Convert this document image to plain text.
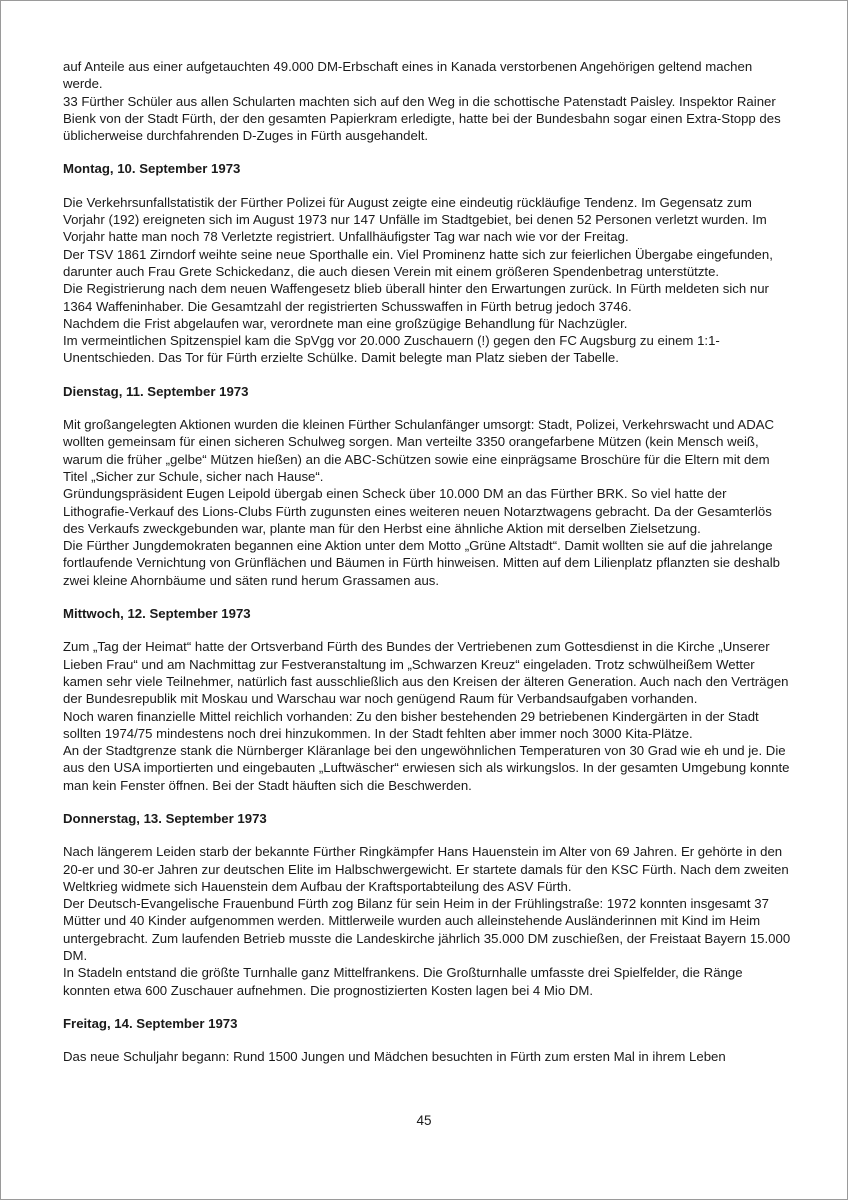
auf Anteile aus einer aufgetauchten 49.000 DM-Erbschaft eines in Kanada verstorbenen Angehörigen geltend machen werde.

33 Fürther Schüler aus allen Schularten machten sich auf den Weg in die schottische Patenstadt Paisley. Inspektor Rainer Bienk von der Stadt Fürth, der den gesamten Papierkram erledigte, hatte bei der Bundesbahn sogar einen Extra-Stopp des üblicherweise durchfahrenden D-Zuges in Fürth ausgehandelt.

Montag, 10. September 1973

Die Verkehrsunfallstatistik der Fürther Polizei für August zeigte eine eindeutig rückläufige Tendenz. Im Gegensatz zum Vorjahr (192) ereigneten sich im August 1973 nur 147 Unfälle im Stadtgebiet, bei denen 52 Personen verletzt wurden. Im Vorjahr hatte man noch 78 Verletzte registriert. Unfallhäufigster Tag war nach wie vor der Freitag.

Der TSV 1861 Zirndorf weihte seine neue Sporthalle ein. Viel Prominenz hatte sich zur feierlichen Übergabe eingefunden, darunter auch Frau Grete Schickedanz, die auch diesen Verein mit einem größeren Spendenbetrag unterstützte.

Die Registrierung nach dem neuen Waffengesetz blieb überall hinter den Erwartungen zurück. In Fürth meldeten sich nur 1364 Waffeninhaber. Die Gesamtzahl der registrierten Schusswaffen in Fürth betrug jedoch 3746.

Nachdem die Frist abgelaufen war, verordnete man eine großzügige Behandlung für Nachzügler.

Im vermeintlichen Spitzenspiel kam die SpVgg vor 20.000 Zuschauern (!) gegen den FC Augsburg zu einem 1:1-Unentschieden. Das Tor für Fürth erzielte Schülke. Damit belegte man Platz sieben der Tabelle.

Dienstag, 11. September 1973

Mit großangelegten Aktionen wurden die kleinen Fürther Schulanfänger umsorgt: Stadt, Polizei, Verkehrswacht und ADAC wollten gemeinsam für einen sicheren Schulweg sorgen. Man verteilte 3350 orangefarbene Mützen (kein Mensch weiß, warum die früher „gelbe“ Mützen hießen) an die ABC-Schützen sowie eine einprägsame Broschüre für die Eltern mit dem Titel „Sicher zur Schule, sicher nach Hause“.

Gründungspräsident Eugen Leipold übergab einen Scheck über 10.000 DM an das Fürther BRK. So viel hatte der Lithografie-Verkauf des Lions-Clubs Fürth zugunsten eines weiteren neuen Notarztwagens gebracht. Da der Gesamterlös des Verkaufs zweckgebunden war, plante man für den Herbst eine ähnliche Aktion mit derselben Zielsetzung.

Die Fürther Jungdemokraten begannen eine Aktion unter dem Motto „Grüne Altstadt“. Damit wollten sie auf die jahrelange fortlaufende Vernichtung von Grünflächen und Bäumen in Fürth hinweisen. Mitten auf dem Lilienplatz pflanzten sie deshalb zwei kleine Ahornbäume und säten rund herum Grassamen aus.

Mittwoch, 12. September 1973

Zum „Tag der Heimat“ hatte der Ortsverband Fürth des Bundes der Vertriebenen zum Gottesdienst in die Kirche „Unserer Lieben Frau“ und am Nachmittag zur Festveranstaltung im „Schwarzen Kreuz“ eingeladen. Trotz schwülheißem Wetter kamen sehr viele Teilnehmer, natürlich fast ausschließlich aus den Kreisen der älteren Generation. Auch nach den Verträgen der Bundesrepublik mit Moskau und Warschau war noch genügend Raum für Verbandsaufgaben vorhanden.

Noch waren finanzielle Mittel reichlich vorhanden: Zu den bisher bestehenden 29 betriebenen Kindergärten in der Stadt sollten 1974/75 mindestens noch drei hinzukommen. In der Stadt fehlten aber immer noch 3000 Kita-Plätze.

An der Stadtgrenze stank die Nürnberger Kläranlage bei den ungewöhnlichen Temperaturen von 30 Grad wie eh und je. Die aus den USA importierten und eingebauten „Luftwäscher“ erwiesen sich als wirkungslos. In der gesamten Umgebung konnte man kein Fenster öffnen. Bei der Stadt häuften sich die Beschwerden.

Donnerstag, 13. September 1973

Nach längerem Leiden starb der bekannte Fürther Ringkämpfer Hans Hauenstein im Alter von 69 Jahren. Er gehörte in den 20-er und 30-er Jahren zur deutschen Elite im Halbschwergewicht. Er startete damals für den KSC Fürth. Nach dem zweiten Weltkrieg widmete sich Hauenstein dem Aufbau der Kraftsportabteilung des ASV Fürth.

Der Deutsch-Evangelische Frauenbund Fürth zog Bilanz für sein Heim in der Frühlingstraße: 1972 konnten insgesamt 37 Mütter und 40 Kinder aufgenommen werden. Mittlerweile wurden auch alleinstehende Ausländerinnen mit Kind im Heim untergebracht. Zum laufenden Betrieb musste die Landeskirche jährlich 35.000 DM zuschießen, der Freistaat Bayern 15.000 DM.

In Stadeln entstand die größte Turnhalle ganz Mittelfrankens. Die Großturnhalle umfasste drei Spielfelder, die Ränge konnten etwa 600 Zuschauer aufnehmen. Die prognostizierten Kosten lagen bei 4 Mio DM.

Freitag, 14. September 1973

Das neue Schuljahr begann: Rund 1500 Jungen und Mädchen besuchten in Fürth zum ersten Mal in ihrem Leben

45
